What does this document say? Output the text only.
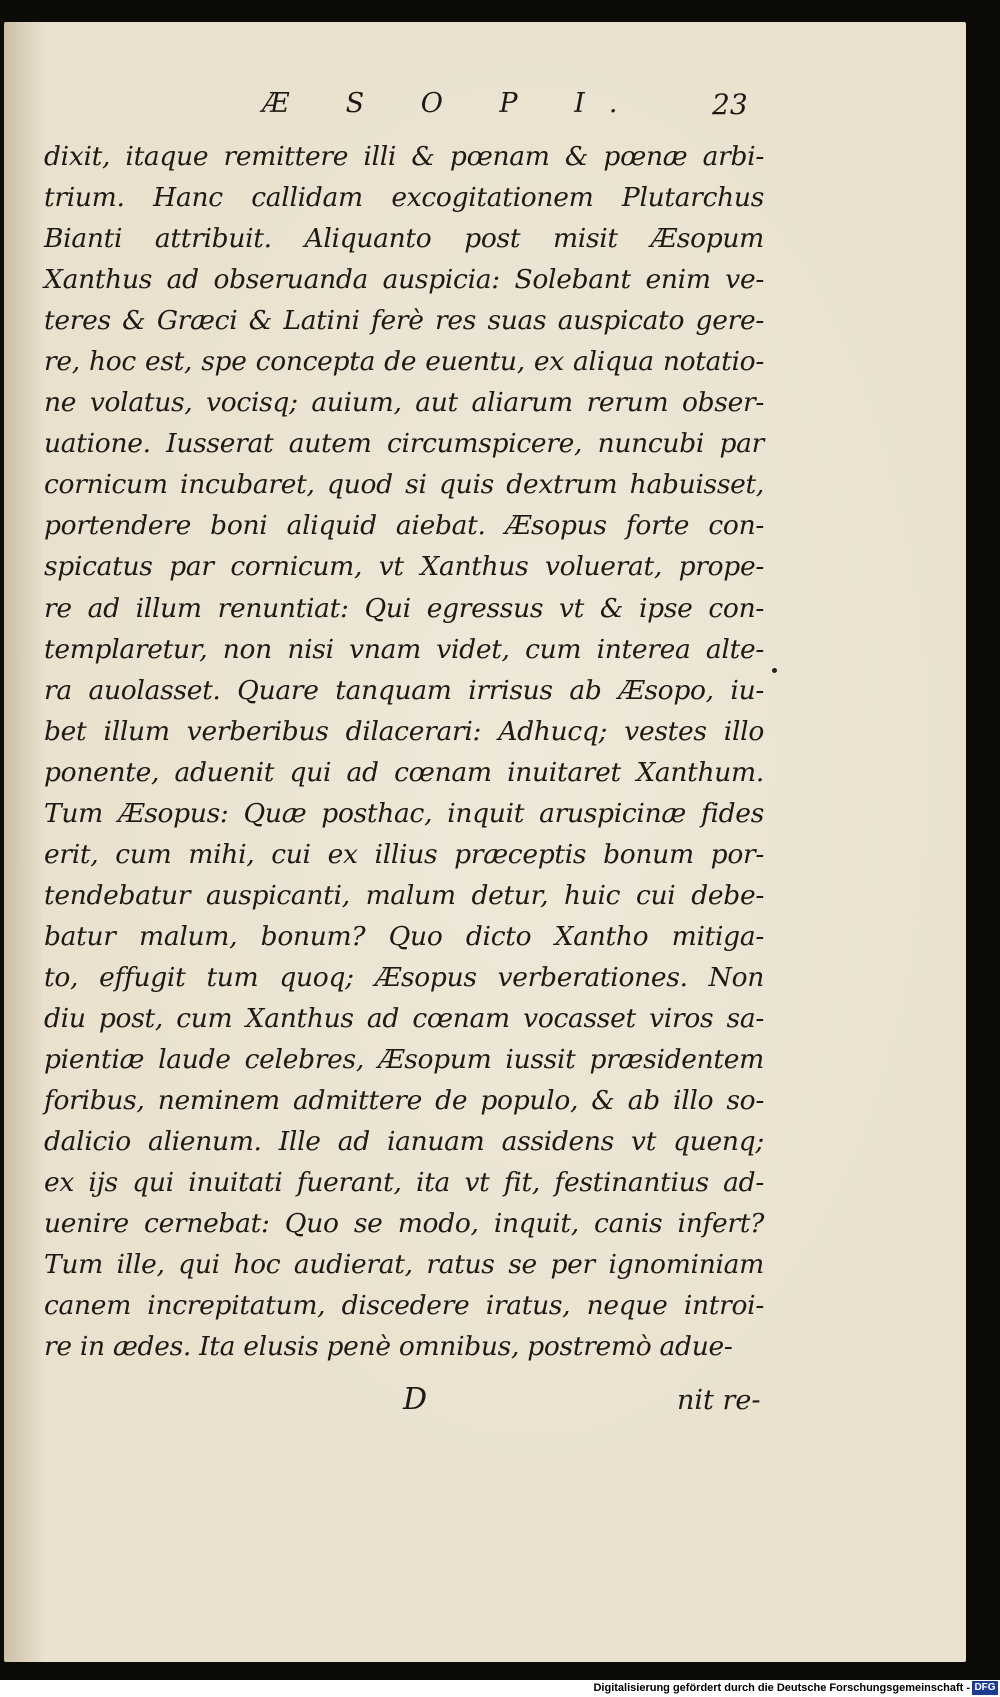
Æ S O P I.	23
dixit, itaque remittere illi & pœnam & pœnæ arbi-
trium. Hanc callidam excogitationem Plutarchus
Bianti attribuit. Aliquanto post misit Æsopum
Xanthus ad obseruanda auspicia: Solebant enim ve-
teres & Græci & Latini ferè res suas auspicato gere-
re, hoc est, spe concepta de euentu, ex aliqua notatio-
ne volatus, vocisq; auium, aut aliarum rerum obser-
uatione. Iusserat autem circumspicere, nuncubi par
cornicum incubaret, quod si quis dextrum habuisset,
portendere boni aliquid aiebat. Æsopus forte con-
spicatus par cornicum, vt Xanthus voluerat, prope-
re ad illum renuntiat: Qui egressus vt & ipse con-
templaretur, non nisi vnam videt, cum interea alte-
ra auolasset. Quare tanquam irrisus ab Æsopo, iu-
bet illum verberibus dilacerari: Adhucq; vestes illo
ponente, aduenit qui ad cœnam inuitaret Xanthum.
Tum Æsopus: Quæ posthac, inquit aruspicinæ fides
erit, cum mihi, cui ex illius præceptis bonum por-
tendebatur auspicanti, malum detur, huic cui debe-
batur malum, bonum? Quo dicto Xantho mitiga-
to, effugit tum quoq; Æsopus verberationes. Non
diu post, cum Xanthus ad cœnam vocasset viros sa-
pientiæ laude celebres, Æsopum iussit præsidentem
foribus, neminem admittere de populo, & ab illo so-
dalicio alienum. Ille ad ianuam assidens vt quenq;
ex ijs qui inuitati fuerant, ita vt fit, festinantius ad-
uenire cernebat: Quo se modo, inquit, canis infert?
Tum ille, qui hoc audierat, ratus se per ignominiam
canem increpitatum, discedere iratus, neque introi-
re in ædes. Ita elusis penè omnibus, postremò adue-
D	nit re-
Digitalisierung gefördert durch die Deutsche Forschungsgemeinschaft - DFG
